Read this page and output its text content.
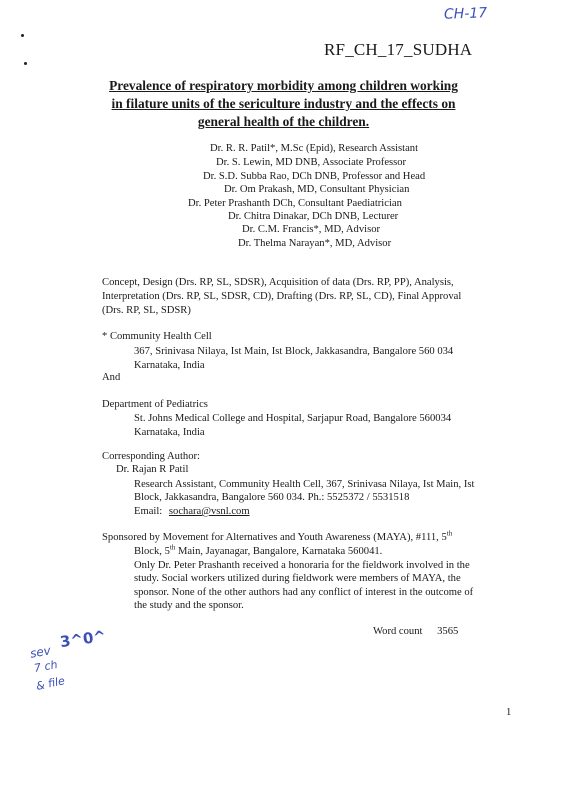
CH-17
RF_CH_17_SUDHA
Prevalence of respiratory morbidity among children working
in filature units of the sericulture industry and the effects on
general health of the children.
Dr. R. R. Patil*, M.Sc (Epid), Research Assistant
Dr. S. Lewin, MD DNB, Associate Professor
Dr. S.D. Subba Rao, DCh DNB, Professor and Head
Dr. Om Prakash, MD, Consultant Physician
Dr. Peter Prashanth DCh, Consultant Paediatrician
Dr. Chitra Dinakar, DCh DNB, Lecturer
Dr. C.M. Francis*, MD, Advisor
Dr. Thelma Narayan*, MD, Advisor
Concept, Design (Drs. RP, SL, SDSR), Acquisition of data (Drs. RP, PP), Analysis,
Interpretation (Drs. RP, SL, SDSR, CD), Drafting (Drs. RP, SL, CD), Final Approval
(Drs. RP, SL, SDSR)
* Community Health Cell
367, Srinivasa Nilaya, Ist Main, Ist Block, Jakkasandra, Bangalore 560 034
Karnataka, India
And
Department of Pediatrics
St. Johns Medical College and Hospital, Sarjapur Road, Bangalore 560034
Karnataka, India
Corresponding Author:
Dr. Rajan R Patil
Research Assistant, Community Health Cell, 367, Srinivasa Nilaya, Ist Main, Ist
Block, Jakkasandra, Bangalore 560 034. Ph.: 5525372 / 5531518
Email: sochara@vsnl.com
Sponsored by Movement for Alternatives and Youth Awareness (MAYA), #111, 5th
Block, 5th Main, Jayanagar, Bangalore, Karnataka 560041.
Only Dr. Peter Prashanth received a honoraria for the fieldwork involved in the
study. Social workers utilized during fieldwork were members of MAYA, the
sponsor. None of the other authors had any conflict of interest in the outcome of
the study and the sponsor.
Word count 3565
3^0^
sev
7 ch
& file
1
